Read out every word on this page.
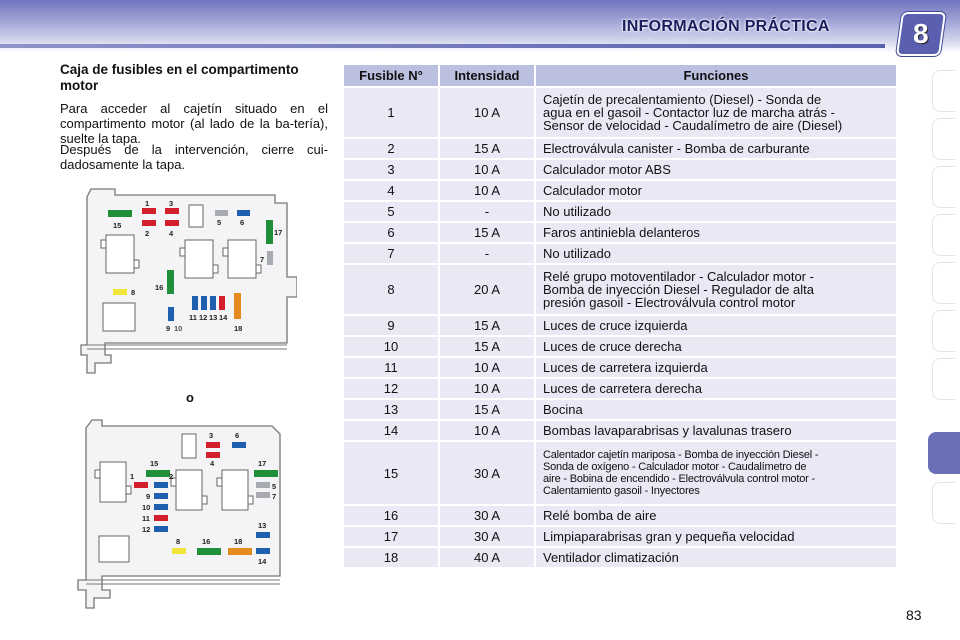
INFORMACIÓN PRÁCTICA	8
Caja de fusibles en el compartimento motor
Para acceder al cajetín situado en el compartimento motor (al lado de la ba-tería), suelte la tapa.
Después de la intervención, cierre cui-dadosamente la tapa.
1	3
15
2	4
5	6
17
7
8
16
9 10
11 12 13 14
18
o
3	6
15
2
4	17
1
5
7
9
10
11
12	13
8	16	18
14
Fusible N°	Intensidad	Funciones
1	10 A	Cajetín de precalentamiento (Diesel) - Sonda de
agua en el gasoil - Contactor luz de marcha atrás -
Sensor de velocidad - Caudalímetro de aire (Diesel)

2	15 A	Electroválvula canister - Bomba de carburante

3	10 A	Calculador motor ABS

4	10 A	Calculador motor

5	-	No utilizado

6	15 A	Faros antiniebla delanteros

7	-	No utilizado

8	20 A	Relé grupo motoventilador - Calculador motor -
Bomba de inyección Diesel - Regulador de alta
presión gasoil - Electroválvula control motor

9	15 A	Luces de cruce izquierda

10	15 A	Luces de cruce derecha

11	10 A	Luces de carretera izquierda

12	10 A	Luces de carretera derecha

13	15 A	Bocina

14	10 A	Bombas lavaparabrisas y lavalunas trasero

15	30 A	Calentador cajetín mariposa - Bomba de inyección Diesel -
Sonda de oxígeno - Calculador motor - Caudalímetro de
aire - Bobina de encendido - Electroválvula control motor -
Calentamiento gasoil - Inyectores

16	30 A	Relé bomba de aire

17	30 A	Limpiaparabrisas gran y pequeña velocidad

18	40 A	Ventilador climatización
83
